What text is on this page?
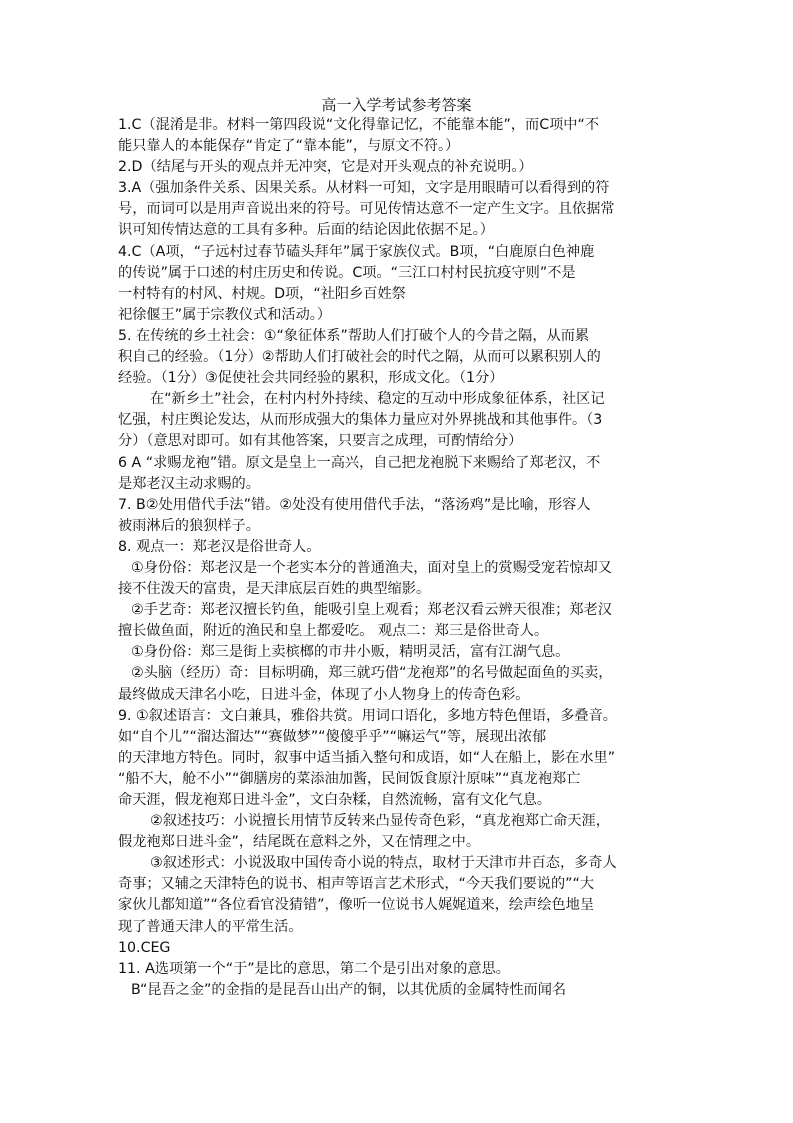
高一入学考试参考答案

1.C（混淆是非。材料一第四段说“文化得靠记忆，不能靠本能”，而C项中“不

能只靠人的本能保存“肯定了“靠本能”，与原文不符。）

2.D（结尾与开头的观点并无冲突，它是对开头观点的补充说明。）

3.A（强加条件关系、因果关系。从材料一可知，文字是用眼睛可以看得到的符

号，而词可以是用声音说出来的符号。可见传情达意不一定产生文字。且依据常

识可知传情达意的工具有多种。后面的结论因此依据不足。）

4.C（A项，“子远村过春节磕头拜年”属于家族仪式。B项，“白鹿原白色神鹿

的传说”属于口述的村庄历史和传说。C项。“三江口村村民抗疫守则”不是

一村特有的村风、村规。D项，“社阳乡百姓祭

祀徐偃王”属于宗教仪式和活动。）

5. 在传统的乡土社会：①“象征体系”帮助人们打破个人的今昔之隔，从而累

积自己的经验。（1分）②帮助人们打破社会的时代之隔，从而可以累积别人的

经验。（1分）③促使社会共同经验的累积，形成文化。（1分）

在“新乡土”社会，在村内村外持续、稳定的互动中形成象征体系，社区记

忆强，村庄舆论发达，从而形成强大的集体力量应对外界挑战和其他事件。（3

分）（意思对即可。如有其他答案，只要言之成理，可酌情给分）

6 A “求赐龙袍”错。原文是皇上一高兴，自己把龙袍脱下来赐给了郑老汉，不

是郑老汉主动求赐的。

7. B②处用借代手法”错。②处没有使用借代手法，“落汤鸡”是比喻，形容人

被雨淋后的狼狈样子。

8. 观点一：郑老汉是俗世奇人。

①身份俗：郑老汉是一个老实本分的普通渔夫，面对皇上的赏赐受宠若惊却又

接不住泼天的富贵，是天津底层百姓的典型缩影。

②手艺奇：郑老汉擅长钓鱼，能吸引皇上观看；郑老汉看云辨天很准；郑老汉

擅长做鱼面，附近的渔民和皇上都爱吃。 观点二：郑三是俗世奇人。

①身份俗：郑三是街上卖槟榔的市井小贩，精明灵活，富有江湖气息。

②头脑（经历）奇：目标明确，郑三就巧借“龙袍郑”的名号做起面鱼的买卖，

最终做成天津名小吃，日进斗金，体现了小人物身上的传奇色彩。

9. ①叙述语言：文白兼具，雅俗共赏。用词口语化，多地方特色俚语，多叠音。

如“自个儿”“溜达溜达”“赛做梦”“傻傻乎乎”“嘛运气”等，展现出浓郁

的天津地方特色。同时，叙事中适当插入整句和成语，如“人在船上，影在水里”

“船不大，舱不小”“御膳房的菜添油加酱，民间饭食原汁原味”“真龙袍郑亡

命天涯，假龙袍郑日进斗金”，文白杂糅，自然流畅，富有文化气息。

②叙述技巧：小说擅长用情节反转来凸显传奇色彩，“真龙袍郑亡命天涯，

假龙袍郑日进斗金”，结尾既在意料之外，又在情理之中。

③叙述形式：小说汲取中国传奇小说的特点，取材于天津市井百态，多奇人

奇事；又辅之天津特色的说书、相声等语言艺术形式，“今天我们要说的”“大

家伙儿都知道”“各位看官没猜错”，像听一位说书人娓娓道来，绘声绘色地呈

现了普通天津人的平常生活。

10.CEG

11. A选项第一个“于”是比的意思，第二个是引出对象的意思。

B“昆吾之金”的金指的是昆吾山出产的铜，以其优质的金属特性而闻名
